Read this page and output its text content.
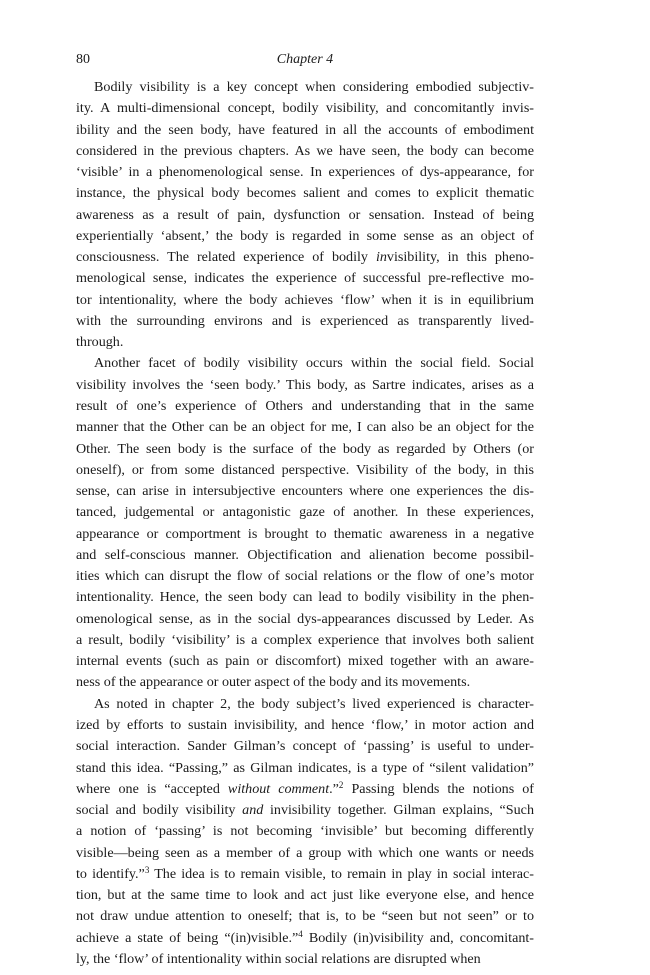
80	Chapter 4
Bodily visibility is a key concept when considering embodied subjectiv-
ity. A multi-dimensional concept, bodily visibility, and concomitantly invis-
ibility and the seen body, have featured in all the accounts of embodiment
considered in the previous chapters. As we have seen, the body can become
‘visible’ in a phenomenological sense. In experiences of dys-appearance, for
instance, the physical body becomes salient and comes to explicit thematic
awareness as a result of pain, dysfunction or sensation. Instead of being
experientially ‘absent,’ the body is regarded in some sense as an object of
consciousness. The related experience of bodily invisibility, in this pheno-
menological sense, indicates the experience of successful pre-reflective mo-
tor intentionality, where the body achieves ‘flow’ when it is in equilibrium
with the surrounding environs and is experienced as transparently lived-
through.
Another facet of bodily visibility occurs within the social field. Social
visibility involves the ‘seen body.’ This body, as Sartre indicates, arises as a
result of one’s experience of Others and understanding that in the same
manner that the Other can be an object for me, I can also be an object for the
Other. The seen body is the surface of the body as regarded by Others (or
oneself), or from some distanced perspective. Visibility of the body, in this
sense, can arise in intersubjective encounters where one experiences the dis-
tanced, judgemental or antagonistic gaze of another. In these experiences,
appearance or comportment is brought to thematic awareness in a negative
and self-conscious manner. Objectification and alienation become possibil-
ities which can disrupt the flow of social relations or the flow of one’s motor
intentionality. Hence, the seen body can lead to bodily visibility in the phen-
omenological sense, as in the social dys-appearances discussed by Leder. As
a result, bodily ‘visibility’ is a complex experience that involves both salient
internal events (such as pain or discomfort) mixed together with an aware-
ness of the appearance or outer aspect of the body and its movements.
As noted in chapter 2, the body subject’s lived experienced is character-
ized by efforts to sustain invisibility, and hence ‘flow,’ in motor action and
social interaction. Sander Gilman’s concept of ‘passing’ is useful to under-
stand this idea. “Passing,” as Gilman indicates, is a type of “silent validation”
where one is “accepted without comment.”$^2$ Passing blends the notions of
social and bodily visibility and invisibility together. Gilman explains, “Such
a notion of ‘passing’ is not becoming ‘invisible’ but becoming differently
visible—being seen as a member of a group with which one wants or needs
to identify.”$^3$ The idea is to remain visible, to remain in play in social interac-
tion, but at the same time to look and act just like everyone else, and hence
not draw undue attention to oneself; that is, to be “seen but not seen” or to
achieve a state of being “(in)visible.”$^4$ Bodily (in)visibility and, concomitant-
ly, the ‘flow’ of intentionality within social relations are disrupted when
